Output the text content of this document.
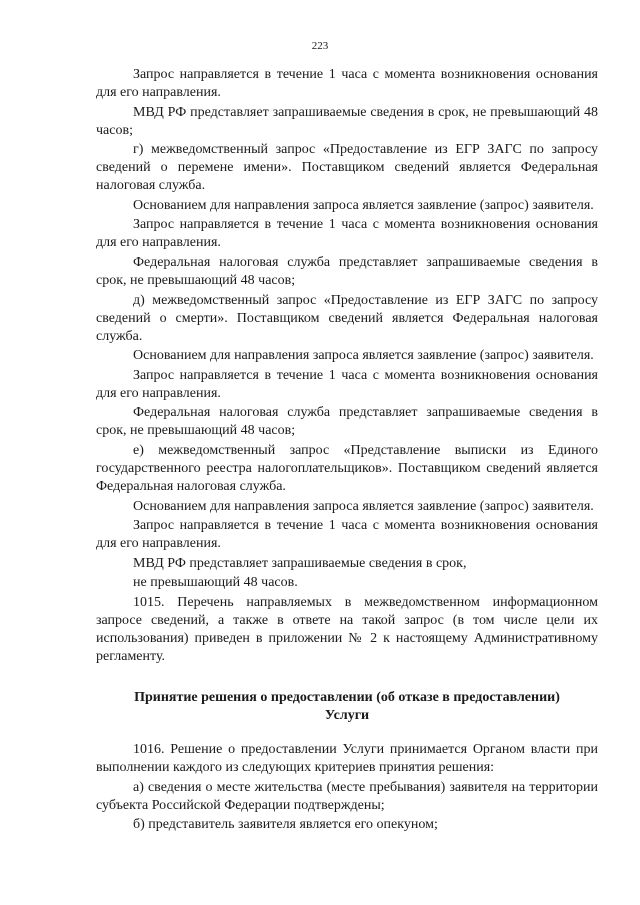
223

Запрос направляется в течение 1 часа с момента возникновения основания для его направления.

МВД РФ представляет запрашиваемые сведения в срок, не превышающий 48 часов;

г) межведомственный запрос «Предоставление из ЕГР ЗАГС по запросу сведений о перемене имени». Поставщиком сведений является Федеральная налоговая служба.

Основанием для направления запроса является заявление (запрос) заявителя.

Запрос направляется в течение 1 часа с момента возникновения основания для его направления.

Федеральная налоговая служба представляет запрашиваемые сведения в срок, не превышающий 48 часов;

д) межведомственный запрос «Предоставление из ЕГР ЗАГС по запросу сведений о смерти». Поставщиком сведений является Федеральная налоговая служба.

Основанием для направления запроса является заявление (запрос) заявителя.

Запрос направляется в течение 1 часа с момента возникновения основания для его направления.

Федеральная налоговая служба представляет запрашиваемые сведения в срок, не превышающий 48 часов;

е) межведомственный запрос «Представление выписки из Единого государственного реестра налогоплательщиков». Поставщиком сведений является Федеральная налоговая служба.

Основанием для направления запроса является заявление (запрос) заявителя.

Запрос направляется в течение 1 часа с момента возникновения основания для его направления.

МВД РФ представляет запрашиваемые сведения в срок,

не превышающий 48 часов.

1015. Перечень направляемых в межведомственном информационном запросе сведений, а также в ответе на такой запрос (в том числе цели их использования) приведен в приложении № 2 к настоящему Административному регламенту.

Принятие решения о предоставлении (об отказе в предоставлении)
Услуги

1016. Решение о предоставлении Услуги принимается Органом власти при выполнении каждого из следующих критериев принятия решения:

а) сведения о месте жительства (месте пребывания) заявителя на территории субъекта Российской Федерации подтверждены;

б) представитель заявителя является его опекуном;
